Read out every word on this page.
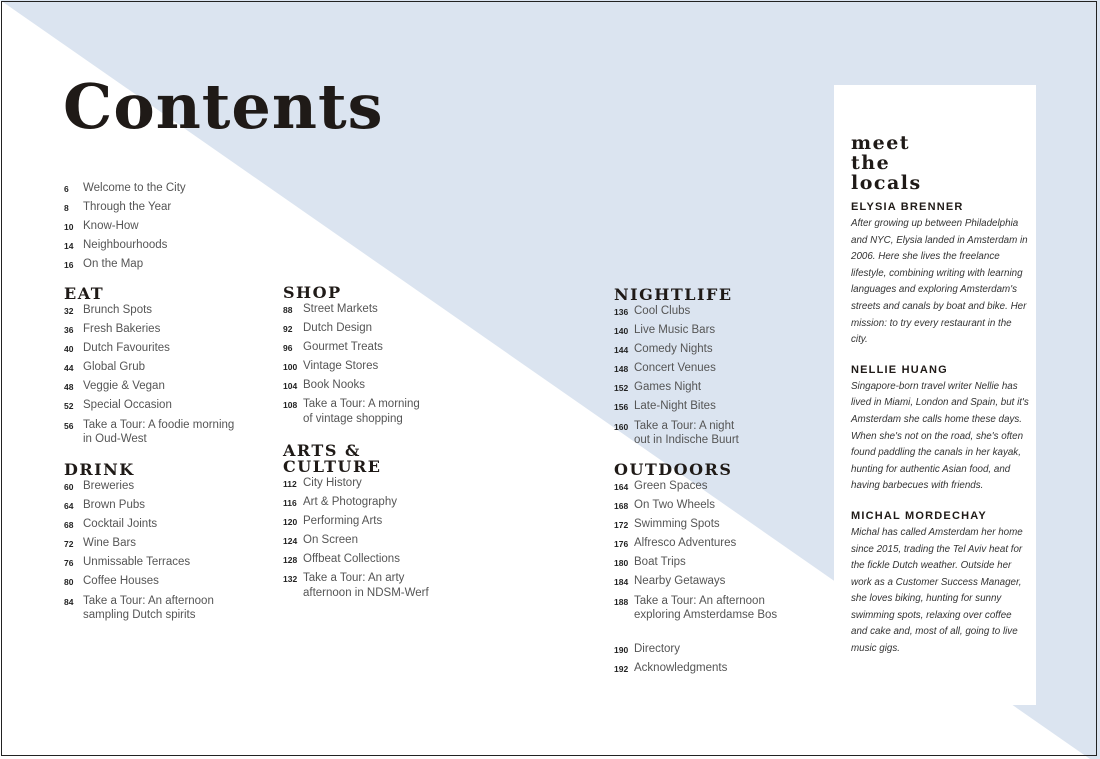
Contents
6	Welcome to the City
8	Through the Year
10 Know-How
14 Neighbourhoods
16 On the Map
EAT
32 Brunch Spots
36 Fresh Bakeries
40 Dutch Favourites
44 Global Grub
48 Veggie & Vegan
52 Special Occasion
56 Take a Tour: A foodie morning
in Oud-West
DRINK
60 Breweries
64 Brown Pubs
68 Cocktail Joints
72 Wine Bars
76 Unmissable Terraces
80 Coffee Houses
84 Take a Tour: An afternoon
sampling Dutch spirits
SHOP
88 Street Markets
92 Dutch Design
96 Gourmet Treats
100 Vintage Stores
104 Book Nooks
108 Take a Tour: A morning
of vintage shopping
ARTS &
CULTURE
112 City History
116 Art & Photography
120 Performing Arts
124 On Screen
128 Offbeat Collections
132 Take a Tour: An arty
afternoon in NDSM-Werf
NIGHTLIFE
136 Cool Clubs
140 Live Music Bars
144 Comedy Nights
148 Concert Venues
152 Games Night
156 Late-Night Bites
160 Take a Tour: A night
out in Indische Buurt
OUTDOORS
164 Green Spaces
168 On Two Wheels
172 Swimming Spots
176 Alfresco Adventures
180 Boat Trips
184 Nearby Getaways
188 Take a Tour: An afternoon
exploring Amsterdamse Bos
190 Directory
192 Acknowledgments
meet
the
locals

ELYSIA BRENNER

After growing up between Philadelphia and NYC, Elysia landed in Amsterdam in 2006. Here she lives the freelance lifestyle, combining writing with learning languages and exploring Amsterdam's streets and canals by boat and bike. Her mission: to try every restaurant in the city.

NELLIE HUANG

Singapore-born travel writer Nellie has lived in Miami, London and Spain, but it's Amsterdam she calls home these days. When she's not on the road, she's often found paddling the canals in her kayak, hunting for authentic Asian food, and having barbecues with friends.

MICHAL MORDECHAY

Michal has called Amsterdam her home since 2015, trading the Tel Aviv heat for the fickle Dutch weather. Outside her work as a Customer Success Manager, she loves biking, hunting for sunny swimming spots, relaxing over coffee and cake and, most of all, going to live music gigs.
